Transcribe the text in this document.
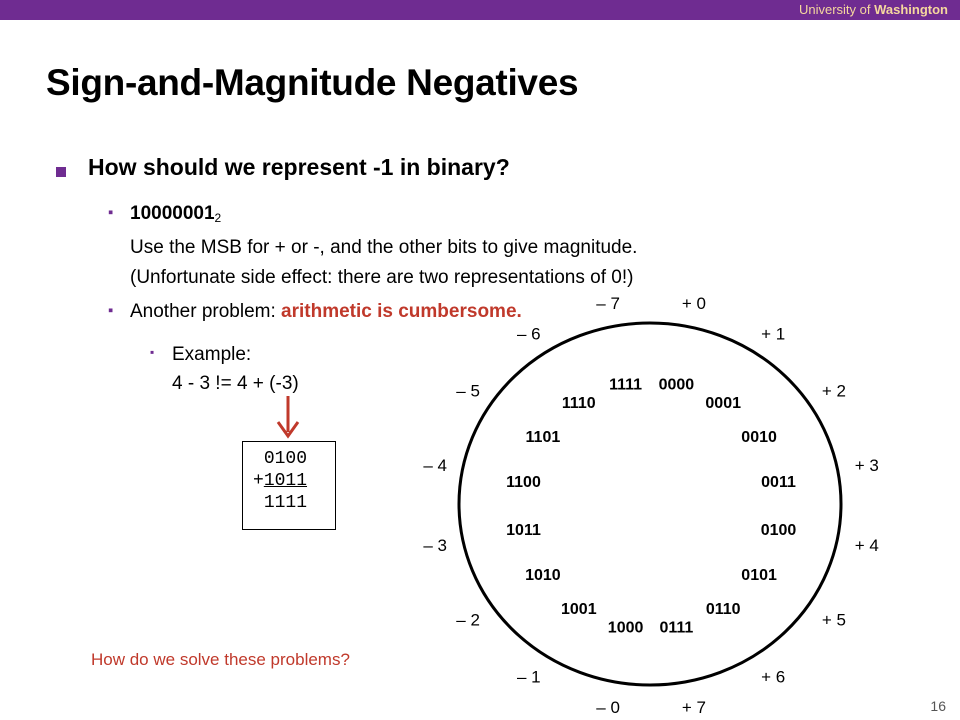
University of Washington
Sign-and-Magnitude Negatives
How should we represent -1 in binary?
▪ $10000001_2$
Use the MSB for + or -, and the other bits to give magnitude.
(Unfortunate side effect: there are two representations of 0!)
▪ Another problem: arithmetic is cumbersome.
▪ Example:
4 - 3 != 4 + (-3)
0100
+1011
1111
How do we solve these problems?
0000
+ 0
0001
+ 1
0010
+ 2
0011
+ 3
0100
+ 4
0101
+ 5
0110
+ 6
0111
+ 7
1000
– 0
1001
– 1
1010
– 2
1011
– 3
1100
– 4
1101
– 5
1110
– 6
1111
– 7
16
